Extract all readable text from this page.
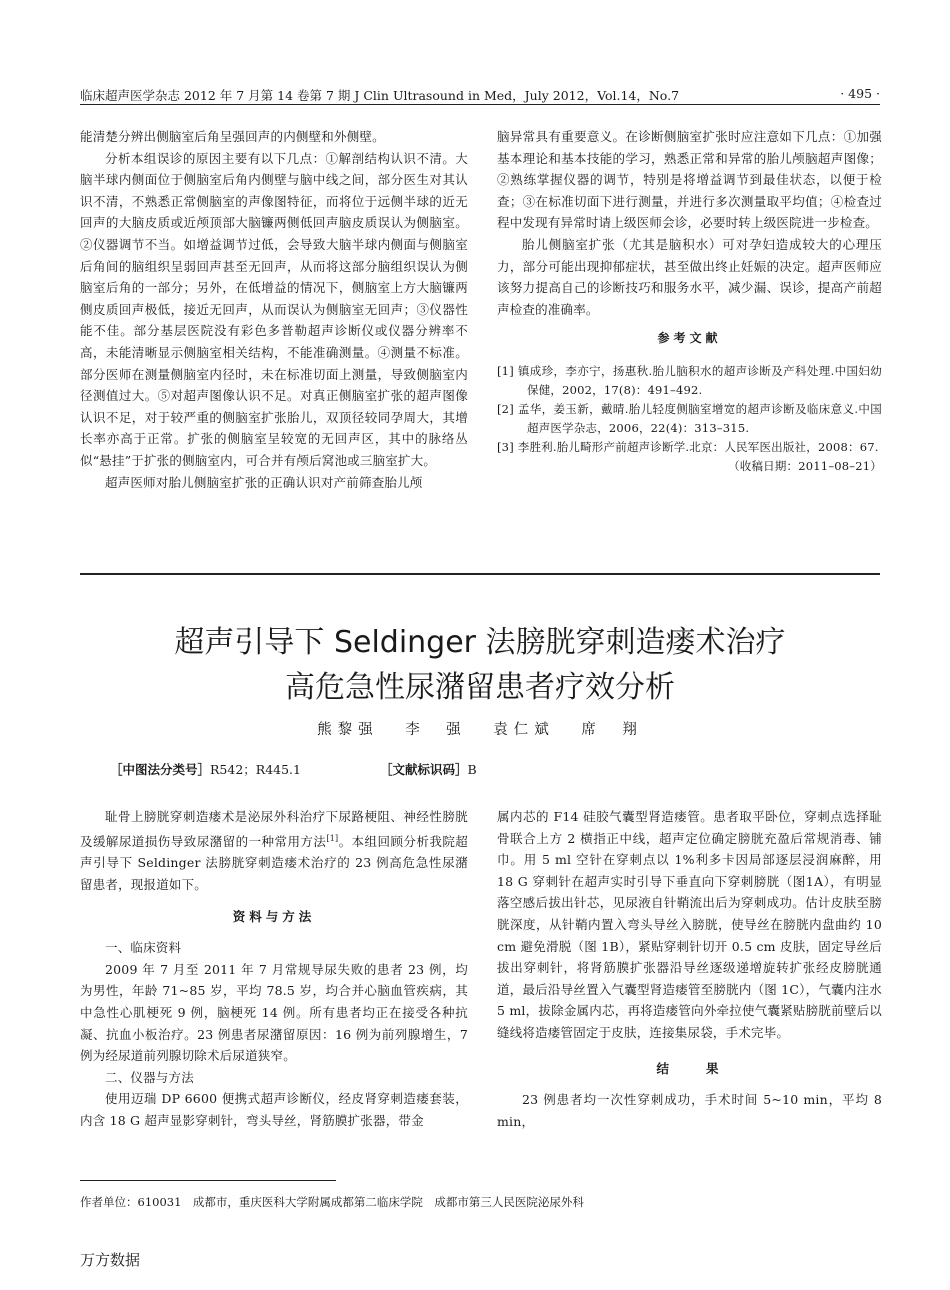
临床超声医学杂志 2012 年 7 月第 14 卷第 7 期 J Clin Ultrasound in Med，July 2012，Vol.14，No.7	· 495 ·

能清楚分辨出侧脑室后角呈强回声的内侧壁和外侧壁。

分析本组误诊的原因主要有以下几点：①解剖结构认识不清。大脑半球内侧面位于侧脑室后角内侧壁与脑中线之间，部分医生对其认识不清，不熟悉正常侧脑室的声像图特征，而将位于远侧半球的近无回声的大脑皮质或近颅顶部大脑镰两侧低回声脑皮质误认为侧脑室。②仪器调节不当。如增益调节过低，会导致大脑半球内侧面与侧脑室后角间的脑组织呈弱回声甚至无回声，从而将这部分脑组织误认为侧脑室后角的一部分；另外，在低增益的情况下，侧脑室上方大脑镰两侧皮质回声极低，接近无回声，从而误认为侧脑室无回声；③仪器性能不佳。部分基层医院没有彩色多普勒超声诊断仪或仪器分辨率不高，未能清晰显示侧脑室相关结构，不能准确测量。④测量不标准。部分医师在测量侧脑室内径时，未在标准切面上测量，导致侧脑室内径测值过大。⑤对超声图像认识不足。对真正侧脑室扩张的超声图像认识不足，对于较严重的侧脑室扩张胎儿，双顶径较同孕周大，其增长率亦高于正常。扩张的侧脑室呈较宽的无回声区，其中的脉络丛似“悬挂”于扩张的侧脑室内，可合并有颅后窝池或三脑室扩大。

超声医师对胎儿侧脑室扩张的正确认识对产前筛查胎儿颅

脑异常具有重要意义。在诊断侧脑室扩张时应注意如下几点：①加强基本理论和基本技能的学习，熟悉正常和异常的胎儿颅脑超声图像；②熟练掌握仪器的调节，特别是将增益调节到最佳状态，以便于检查；③在标准切面下进行测量，并进行多次测量取平均值；④检查过程中发现有异常时请上级医师会诊，必要时转上级医院进一步检查。

胎儿侧脑室扩张（尤其是脑积水）可对孕妇造成较大的心理压力，部分可能出现抑郁症状，甚至做出终止妊娠的决定。超声医师应该努力提高自己的诊断技巧和服务水平，减少漏、误诊，提高产前超声检查的准确率。

参考文献

[1] 镇成珍，李亦宁，扬惠秋.胎儿脑积水的超声诊断及产科处理.中国妇幼保健，2002，17(8)：491–492.

[2] 孟华，姜玉新，戴晴.胎儿轻度侧脑室增宽的超声诊断及临床意义.中国超声医学杂志，2006，22(4)：313–315.

[3] 李胜利.胎儿畸形产前超声诊断学.北京：人民军医出版社，2008：67.

（收稿日期：2011–08–21）

超声引导下 Seldinger 法膀胱穿刺造瘘术治疗
高危急性尿潴留患者疗效分析
熊黎强 李　强 袁仁斌 席　翔
［中图法分类号］R542；R445.1	［文献标识码］B

耻骨上膀胱穿刺造瘘术是泌尿外科治疗下尿路梗阻、神经性膀胱及缓解尿道损伤导致尿潴留的一种常用方法[1]。本组回顾分析我院超声引导下 Seldinger 法膀胱穿刺造瘘术治疗的 23 例高危急性尿潴留患者，现报道如下。

资料与方法

一、临床资料

2009 年 7 月至 2011 年 7 月常规导尿失败的患者 23 例，均为男性，年龄 71~85 岁，平均 78.5 岁，均合并心脑血管疾病，其中急性心肌梗死 9 例，脑梗死 14 例。所有患者均正在接受各种抗凝、抗血小板治疗。23 例患者尿潴留原因：16 例为前列腺增生，7 例为经尿道前列腺切除术后尿道狭窄。

二、仪器与方法

使用迈瑞 DP 6600 便携式超声诊断仪，经皮肾穿刺造瘘套装，内含 18 G 超声显影穿刺针，弯头导丝，肾筋膜扩张器，带金

属内芯的 F14 硅胶气囊型肾造瘘管。患者取平卧位，穿刺点选择耻骨联合上方 2 横指正中线，超声定位确定膀胱充盈后常规消毒、铺巾。用 5 ml 空针在穿刺点以 1%利多卡因局部逐层浸润麻醉，用 18 G 穿刺针在超声实时引导下垂直向下穿刺膀胱（图1A），有明显落空感后拔出针芯，见尿液自针鞘流出后为穿刺成功。估计皮肤至膀胱深度，从针鞘内置入弯头导丝入膀胱，使导丝在膀胱内盘曲约 10 cm 避免滑脱（图 1B），紧贴穿刺针切开 0.5 cm 皮肤，固定导丝后拔出穿刺针，将肾筋膜扩张器沿导丝逐级递增旋转扩张经皮膀胱通道，最后沿导丝置入气囊型肾造瘘管至膀胱内（图 1C），气囊内注水 5 ml，拔除金属内芯，再将造瘘管向外牵拉使气囊紧贴膀胱前壁后以缝线将造瘘管固定于皮肤，连接集尿袋，手术完毕。

结　　果

23 例患者均一次性穿刺成功，手术时间 5~10 min，平均 8 min，

作者单位：610031　成都市，重庆医科大学附属成都第二临床学院　成都市第三人民医院泌尿外科
万方数据
